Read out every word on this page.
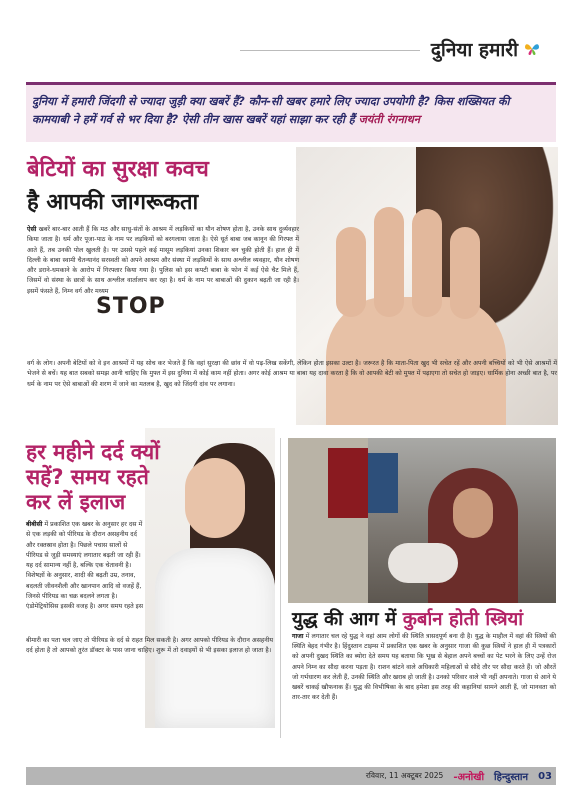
दुनिया हमारी

दुनिया में हमारी जिंदगी से ज्यादा जुड़ी क्या खबरें हैं? कौन-सी खबर हमारे लिए ज्यादा उपयोगी है? किस शख्सियत की कामयाबी ने हमें गर्व से भर दिया है? ऐसी तीन खास खबरें यहां साझा कर रही हैं जयंती रंगनाथन

STOP
बेटियों का सुरक्षा कवच
है आपकी जागरूकता
ऐसी खबरें बार-बार आती हैं कि मठ और साधु-संतों के आश्रम में लड़कियों का यौन शोषण होता है, उनके साथ दुर्व्यवहार किया जाता है। धर्म और पूजा-पाठ के नाम पर लड़कियों को बरगलाया जाता है। ऐसे धूर्त बाबा जब कानून की गिरफ्त में आते हैं, तब उनकी पोल खुलती है। पर उससे पहले कई मासूम लड़कियां उनका शिकार बन चुकी होती हैं। हाल ही में दिल्ली के बाबा स्वामी चैतन्यानंद सरस्वती को अपने आश्रम और संस्था में लड़कियों के साथ अश्लील व्यवहार, यौन शोषण और डराने-धमकाने के आरोप में गिरफ्तार किया गया है। पुलिस को इस कपटी बाबा के फोन में कई ऐसे चैट मिले हैं, जिसमें वो संस्था के छात्रों के साथ अश्लील वार्तालाप कर रहा है। धर्म के नाम पर बाबाओं की दुकान बढ़ती जा रही है। इसमें फंसते हैं, निम्न वर्ग और मध्यम
वर्ग के लोग। अपनी बेटियों को वे इन आश्रमों में यह सोच कर भेजते हैं कि वहां सुरक्षा की छांव में वो पढ़-लिख सकेंगी, लेकिन होता इसका उल्टा है। जरूरत है कि माता-पिता खुद भी सचेत रहें और अपनी बच्चियों को भी ऐसे आश्रमों में भेजने से बचें। यह बात सबको समझ आनी चाहिए कि मुफ्त में इस दुनिया में कोई काम नहीं होता। अगर कोई आश्रम या बाबा यह दावा करता है कि वो आपकी बेटी को मुफ्त में पढ़ाएगा तो सचेत हो जाइए। धार्मिक होना अच्छी बात है, पर धर्म के नाम पर ऐसे बाबाओं की शरण में जाने का मतलब है, खुद को जिंदगी दांव पर लगाना।
हर महीने दर्द क्यों
सहें? समय रहते
कर लें इलाज
बीबीसी में प्रकाशित एक खबर के अनुसार हर दस में से एक लड़की को पीरियड के दौरान असहनीय दर्द और रक्तस्राव होता है। पिछले पचास सालों से पीरियड से जुड़ी समस्याएं लगातार बढ़ती जा रही हैं। यह दर्द सामान्य नहीं है, बल्कि एक चेतावनी है। विशेषज्ञों के अनुसार, शादी की बढ़ती उम्र, तनाव, बदलती जीवनशैली और खानपान आदि वो वजहें हैं, जिनसे पीरियड का चक्र बदलने लगता है। एंडोमेट्रियोसिस इसकी वजह है। अगर समय रहते इस
बीमारी का पता चल जाए तो पीरियड के दर्द से राहत मिल सकती है। अगर आपको पीरियड के दौरान असहनीय दर्द होता है तो आपको तुरंत डॉक्टर के पास जाना चाहिए। शुरू में तो दवाइयों से भी इसका इलाज हो जाता है।
युद्ध की आग में कुर्बान होती स्त्रियां
गाजा में लगातार चल रहे युद्ध ने वहां आम लोगों की स्थिति त्रासदपूर्ण बना दी है। युद्ध के माहौल में वहां की स्त्रियों की स्थिति बेहद गंभीर है। हिंदुस्तान टाइम्स में प्रकाशित एक खबर के अनुसार गाजा की कुछ स्त्रियों ने हाल ही में पत्रकारों को अपनी दुखद स्थिति का ब्योरा देते समय यह बताया कि भूख से बेहाल अपने बच्चों का पेट भरने के लिए उन्हें रोज अपने निम्न का सौदा करना पड़ता है। राशन बांटने वाले अधिकारी महिलाओं से सौदे तौर पर सौदा करते हैं। जो औरतें जो गर्भधारण कर लेती हैं, उनकी स्थिति और खराब हो जाती है। उनको परिवार वाले भी नहीं अपनाते। गाजा से आने ये खबरें चाकई खौफनाक हैं। युद्ध की विभीषिका के बाद हमेशा इस तरह की कहानियां सामने आती हैं, जो मानवता को तार-तार कर देती हैं।
रविवार, 11 अक्टूबर 2025 -अनोखी हिन्दुस्तान 03
